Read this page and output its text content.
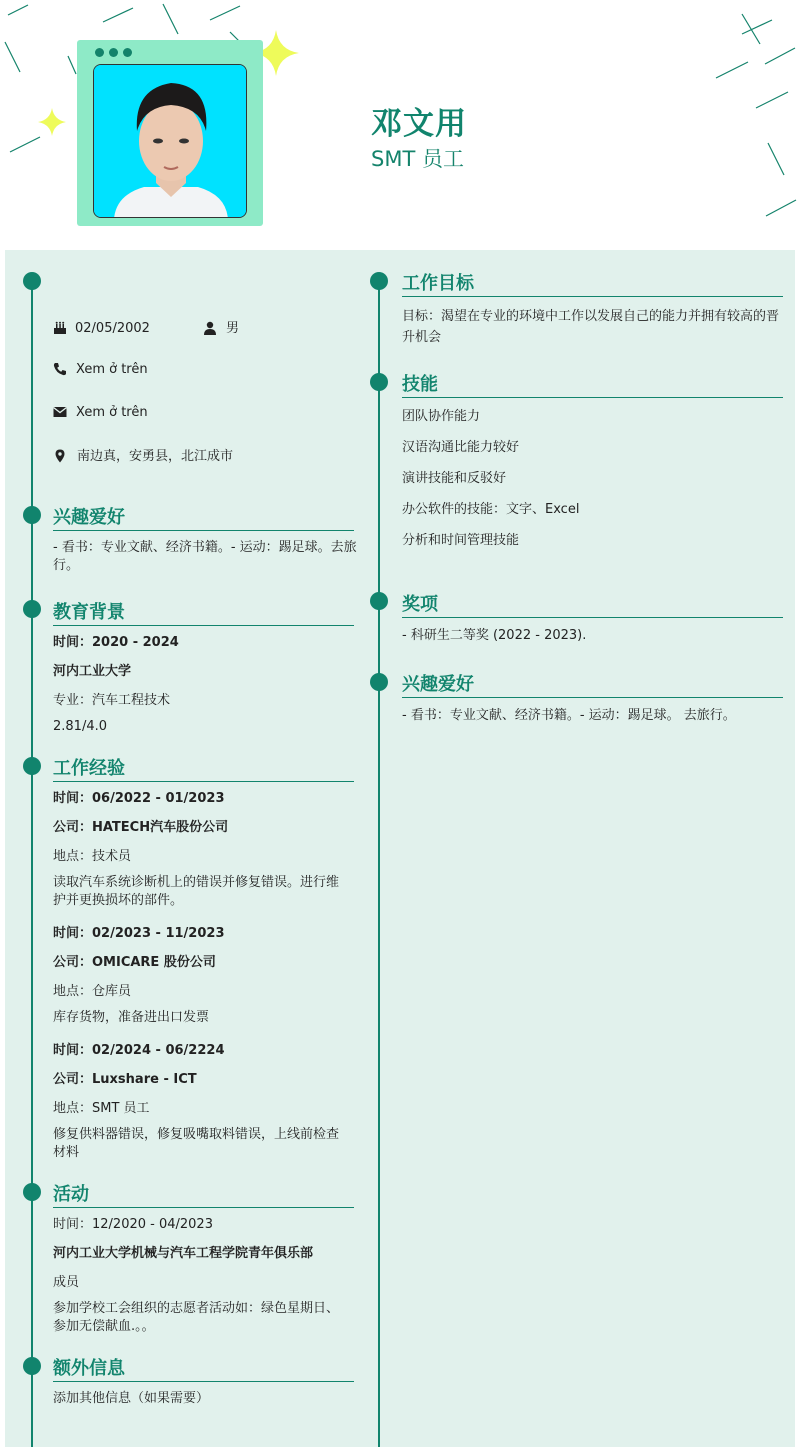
邓文用
SMT 员工
02/05/2002	男
Xem ở trên
Xem ở trên
南边真，安勇县，北江成市
兴趣爱好
- 看书：专业文献、经济书籍。- 运动：踢足球。去旅行。
教育背景
时间：2020 - 2024
河内工业大学
专业：汽车工程技术
2.81/4.0
工作经验
时间：06/2022 - 01/2023
公司：HATECH汽车股份公司
地点：技术员
读取汽车系统诊断机上的错误并修复错误。进行维护并更换损坏的部件。
时间：02/2023 - 11/2023
公司：OMICARE 股份公司
地点：仓库员
库存货物，准备进出口发票
时间：02/2024 - 06/2224
公司：Luxshare - ICT
地点：SMT 员工
修复供料器错误，修复吸嘴取料错误，上线前检查材料
活动
时间：12/2020 - 04/2023
河内工业大学机械与汽车工程学院青年俱乐部
成员
参加学校工会组织的志愿者活动如：绿色星期日、参加无偿献血.。。
额外信息
添加其他信息（如果需要）
工作目标
目标：渴望在专业的环境中工作以发展自己的能力并拥有较高的晋升机会
技能
团队协作能力
汉语沟通比能力较好
演讲技能和反驳好
办公软件的技能：文字、Excel
分析和时间管理技能
奖项
- 科研生二等奖 (2022 - 2023).
兴趣爱好
- 看书：专业文献、经济书籍。- 运动：踢足球。 去旅行。
